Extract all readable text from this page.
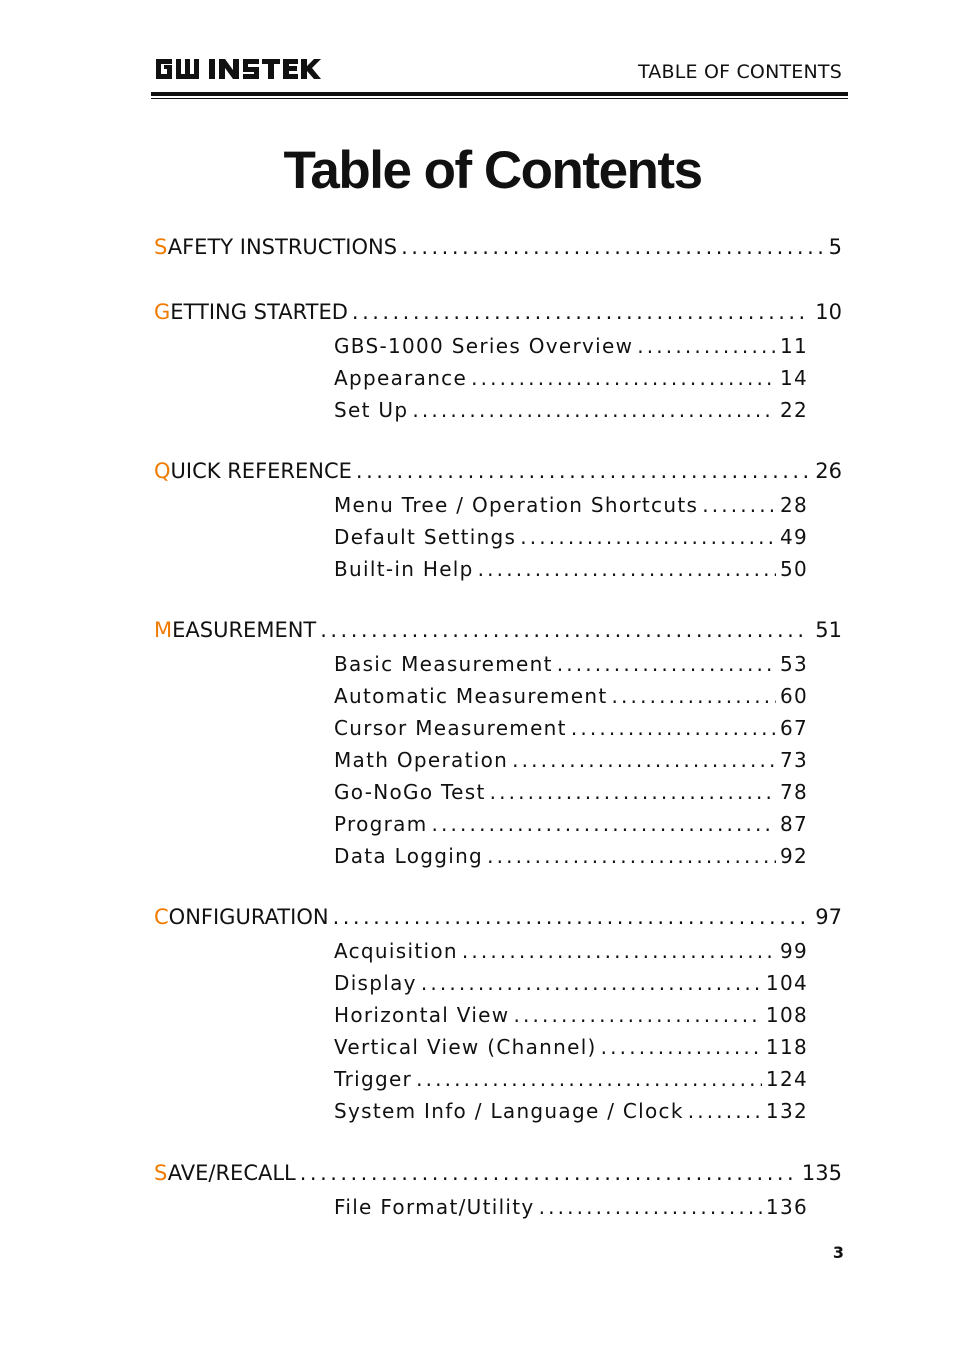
TABLE OF CONTENTS
Table of Contents
SAFETY INSTRUCTIONS . . .	5
GETTING STARTED . . .	10
GBS-1000 Series Overview . . .	11
Appearance . . .	14
Set Up . . .	22
QUICK REFERENCE . . .	26
Menu Tree / Operation Shortcuts . . .	28
Default Settings . . .	49
Built-in Help . . .	50
MEASUREMENT . . .	51
Basic Measurement . . .	53
Automatic Measurement . . .	60
Cursor Measurement . . .	67
Math Operation . . .	73
Go-NoGo Test . . .	78
Program . . .	87
Data Logging . . .	92
CONFIGURATION . . .	97
Acquisition . . .	99
Display . . .	104
Horizontal View . . .	108
Vertical View (Channel) . . .	118
Trigger . . .	124
System Info / Language / Clock . . .	132
SAVE/RECALL . . .	135
File Format/Utility . . .	136
3
